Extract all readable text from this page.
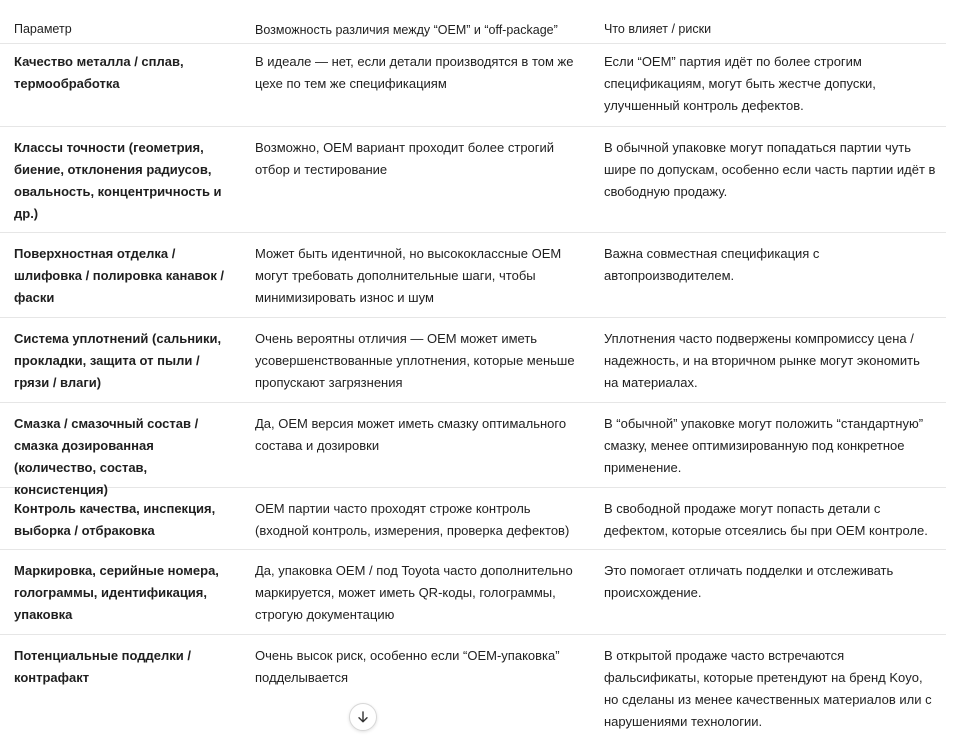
Параметр	Возможность различия между “OEM” и “off-package”	Что влияет / риски
Качество металла / сплав, термообработка
В идеале — нет, если детали производятся в том же цехе по тем же спецификациям
Если “OEM” партия идёт по более строгим спецификациям, могут быть жестче допуски, улучшенный контроль дефектов.
Классы точности (геометрия, биение, отклонения радиусов, овальность, концентричность и др.)
Возможно, OEM вариант проходит более строгий отбор и тестирование
В обычной упаковке могут попадаться партии чуть шире по допускам, особенно если часть партии идёт в свободную продажу.
Поверхностная отделка / шлифовка / полировка канавок / фаски
Может быть идентичной, но высококлассные OEM могут требовать дополнительные шаги, чтобы минимизировать износ и шум
Важна совместная спецификация с автопроизводителем.
Система уплотнений (сальники, прокладки, защита от пыли / грязи / влаги)
Очень вероятны отличия — OEM может иметь усовершенствованные уплотнения, которые меньше пропускают загрязнения
Уплотнения часто подвержены компромиссу цена / надежность, и на вторичном рынке могут экономить на материалах.
Смазка / смазочный состав / смазка дозированная (количество, состав, консистенция)
Да, OEM версия может иметь смазку оптимального состава и дозировки
В “обычной” упаковке могут положить “стандартную” смазку, менее оптимизированную под конкретное применение.
Контроль качества, инспекция, выборка / отбраковка
OEM партии часто проходят строже контроль (входной контроль, измерения, проверка дефектов)
В свободной продаже могут попасть детали с дефектом, которые отсеялись бы при OEM контроле.
Маркировка, серийные номера, голограммы, идентификация, упаковка
Да, упаковка OEM / под Toyota часто дополнительно маркируется, может иметь QR-коды, голограммы, строгую документацию
Это помогает отличать подделки и отслеживать происхождение.
Потенциальные подделки / контрафакт
Очень высок риск, особенно если “OEM-упаковка” подделывается
В открытой продаже часто встречаются фальсификаты, которые претендуют на бренд Koyo, но сделаны из менее качественных материалов или с нарушениями технологии.
